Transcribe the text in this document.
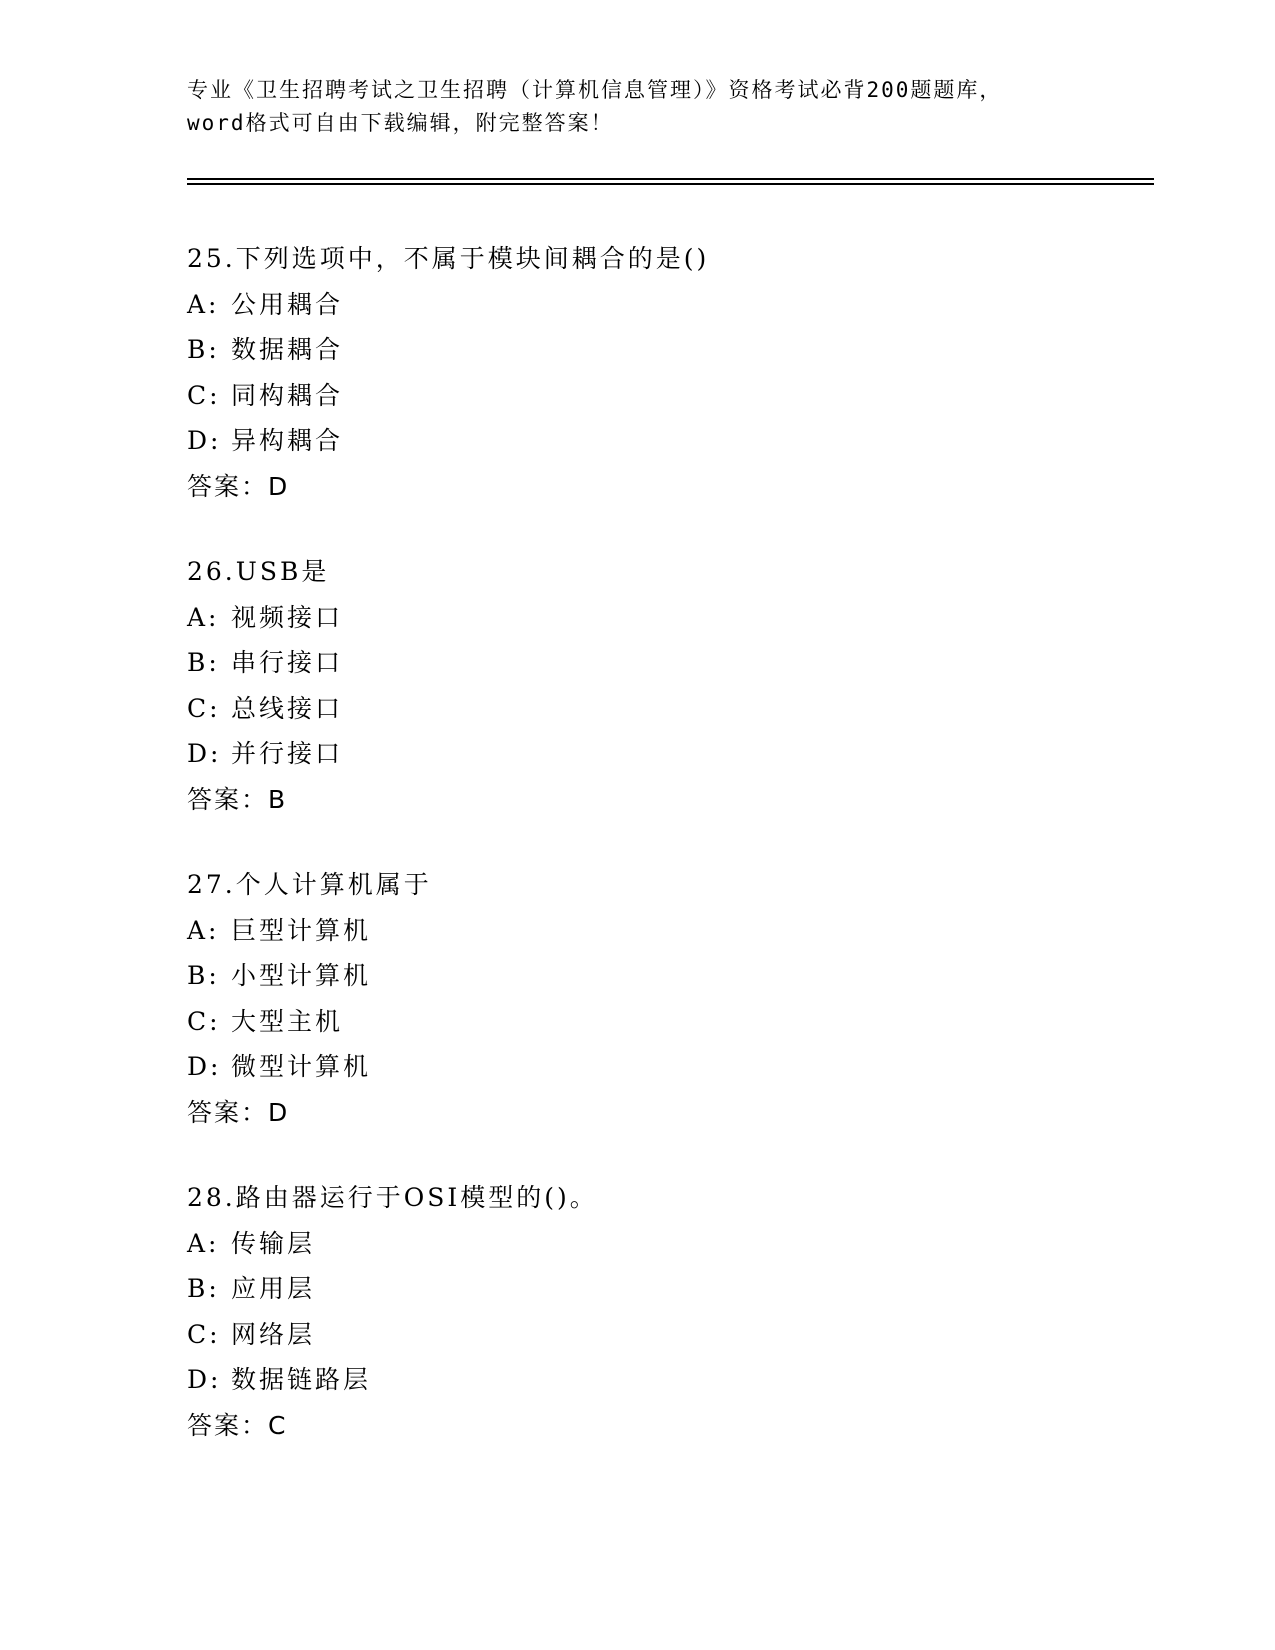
专业《卫生招聘考试之卫生招聘（计算机信息管理）》资格考试必背200题题库，
word格式可自由下载编辑，附完整答案！
25.下列选项中，不属于模块间耦合的是()
A: 公用耦合
B: 数据耦合
C: 同构耦合
D: 异构耦合
答案：D
26.USB是
A: 视频接口
B: 串行接口
C: 总线接口
D: 并行接口
答案：B
27.个人计算机属于
A: 巨型计算机
B: 小型计算机
C: 大型主机
D: 微型计算机
答案：D
28.路由器运行于OSI模型的()。
A: 传输层
B: 应用层
C: 网络层
D: 数据链路层
答案：C
